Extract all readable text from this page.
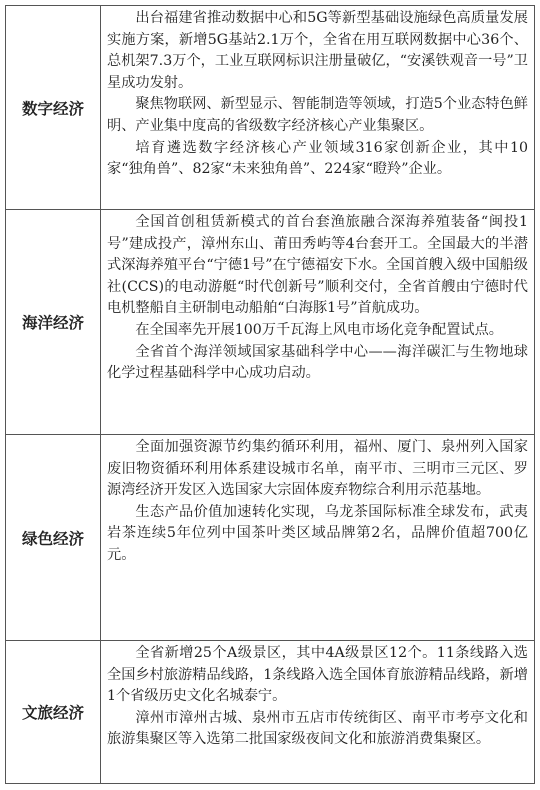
数字经济

出台福建省推动数据中心和5G等新型基础设施绿色高质量发展实施方案，新增5G基站2.1万个，全省在用互联网数据中心36个、总机架7.3万个，工业互联网标识注册量破亿，“安溪铁观音一号”卫星成功发射。

聚焦物联网、新型显示、智能制造等领域，打造5个业态特色鲜明、产业集中度高的省级数字经济核心产业集聚区。

培育遴选数字经济核心产业领域316家创新企业，其中10家“独角兽”、82家“未来独角兽”、224家“瞪羚”企业。

海洋经济

全国首创租赁新模式的首台套渔旅融合深海养殖装备“闽投1号”建成投产，漳州东山、莆田秀屿等4台套开工。全国最大的半潜式深海养殖平台“宁德1号”在宁德福安下水。全国首艘入级中国船级社(CCS)的电动游艇“时代创新号”顺利交付，全省首艘由宁德时代电机整船自主研制电动船舶“白海豚1号”首航成功。

在全国率先开展100万千瓦海上风电市场化竞争配置试点。

全省首个海洋领域国家基础科学中心——海洋碳汇与生物地球化学过程基础科学中心成功启动。

绿色经济

全面加强资源节约集约循环利用，福州、厦门、泉州列入国家废旧物资循环利用体系建设城市名单，南平市、三明市三元区、罗源湾经济开发区入选国家大宗固体废弃物综合利用示范基地。

生态产品价值加速转化实现，乌龙茶国际标准全球发布，武夷岩茶连续5年位列中国茶叶类区域品牌第2名，品牌价值超700亿元。

文旅经济

全省新增25个A级景区，其中4A级景区12个。11条线路入选全国乡村旅游精品线路，1条线路入选全国体育旅游精品线路，新增1个省级历史文化名城泰宁。

漳州市漳州古城、泉州市五店市传统街区、南平市考亭文化和旅游集聚区等入选第二批国家级夜间文化和旅游消费集聚区。
